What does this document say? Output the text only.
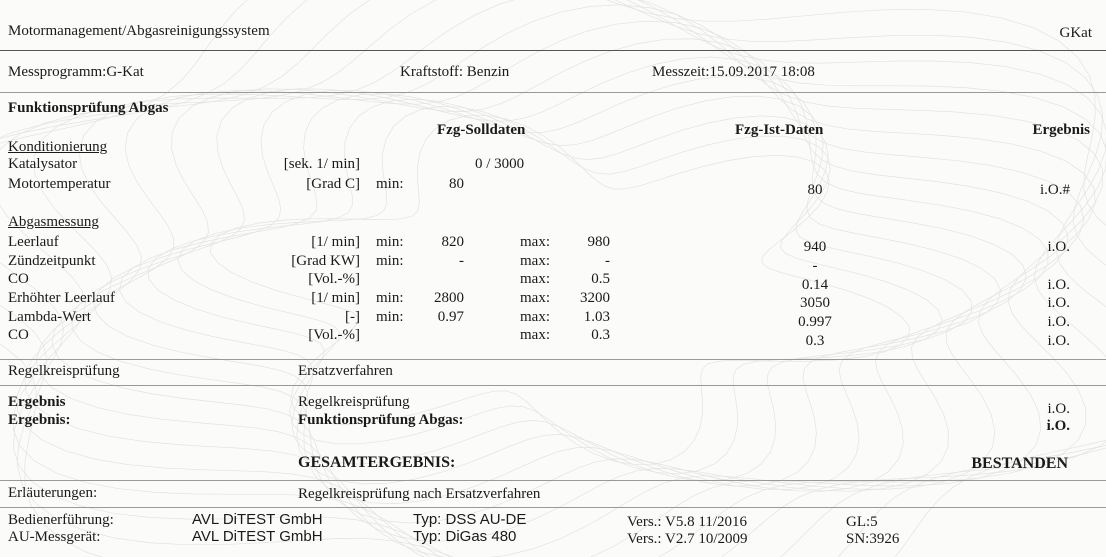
Motormanagement/Abgasreinigungssystem	GKat
Messprogramm:G-Kat	Kraftstoff: Benzin	Messzeit:15.09.2017 18:08
Funktionsprüfung Abgas
Fzg-Solldaten	Fzg-Ist-Daten	Ergebnis
Konditionierung
Katalysator	[sek. 1/ min]	0 / 3000
Motortemperatur	[Grad C] min:	80	80	i.O.#
Abgasmessung
Leerlauf	[1/ min] min:	820	max:	980	940	i.O.
Zündzeitpunkt	[Grad KW] min:	-	max:	-	-
CO	[Vol.-%]	max:	0.5	0.14	i.O.
Erhöhter Leerlauf	[1/ min] min: 2800	max: 3200	3050	i.O.
Lambda-Wert	[-] min: 0.97	max: 1.03	0.997	i.O.
CO	[Vol.-%]	max:	0.3	0.3	i.O.
Regelkreisprüfung	Ersatzverfahren
Ergebnis	Regelkreisprüfung	i.O.
Ergebnis:	Funktionsprüfung Abgas:	i.O.
GESAMTERGEBNIS:	BESTANDEN
Erläuterungen:	Regelkreisprüfung nach Ersatzverfahren
Bedienerführung:	AVL DiTEST GmbH	Typ: DSS AU-DE	Vers.: V5.8 11/2016	GL:5
AU-Messgerät:	AVL DiTEST GmbH	Typ: DiGas 480	Vers.: V2.7 10/2009	SN:3926
